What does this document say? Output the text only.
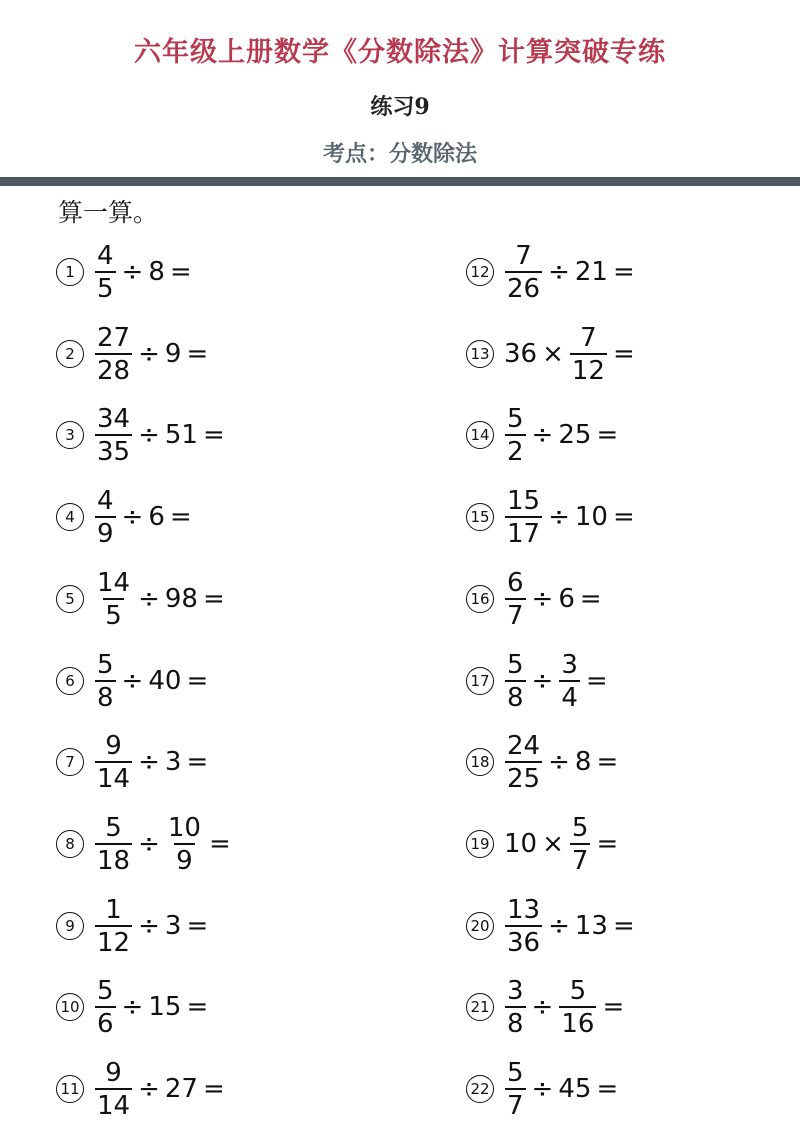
六年级上册数学《分数除法》计算突破专练
练习9
考点：分数除法
算一算。
$1 \frac{4}{5} \div 8$ =
$2 \frac{27}{28} \div 9$ =
$3 \frac{34}{35} \div 51$ =
$4 \frac{4}{9} \div 6$ =
$5 \frac{14}{5} \div 98$ =
$6 \frac{5}{8} \div 40$ =
$7 \frac{9}{14} \div 3$ =
$8 \frac{5}{18} \div \frac{10}{9}$ =
$9 \frac{1}{12} \div 3$ =
$10 \frac{5}{6} \div 15$ =
$11 \frac{9}{14} \div 27$ =
$12 \frac{7}{26} \div 21$ =
13 $36 \times \frac{7}{12}$ =
$14 \frac{5}{2} \div 25$ =
$15 \frac{15}{17} \div 10$ =
$16 \frac{6}{7} \div 6$ =
$17 \frac{5}{8} \div \frac{3}{4}$ =
$18 \frac{24}{25} \div 8$ =
19 $10 \times \frac{5}{7}$ =
$20 \frac{13}{36} \div 13$ =
$21 \frac{3}{8} \div \frac{5}{16}$ =
$22 \frac{5}{7} \div 45$ =
